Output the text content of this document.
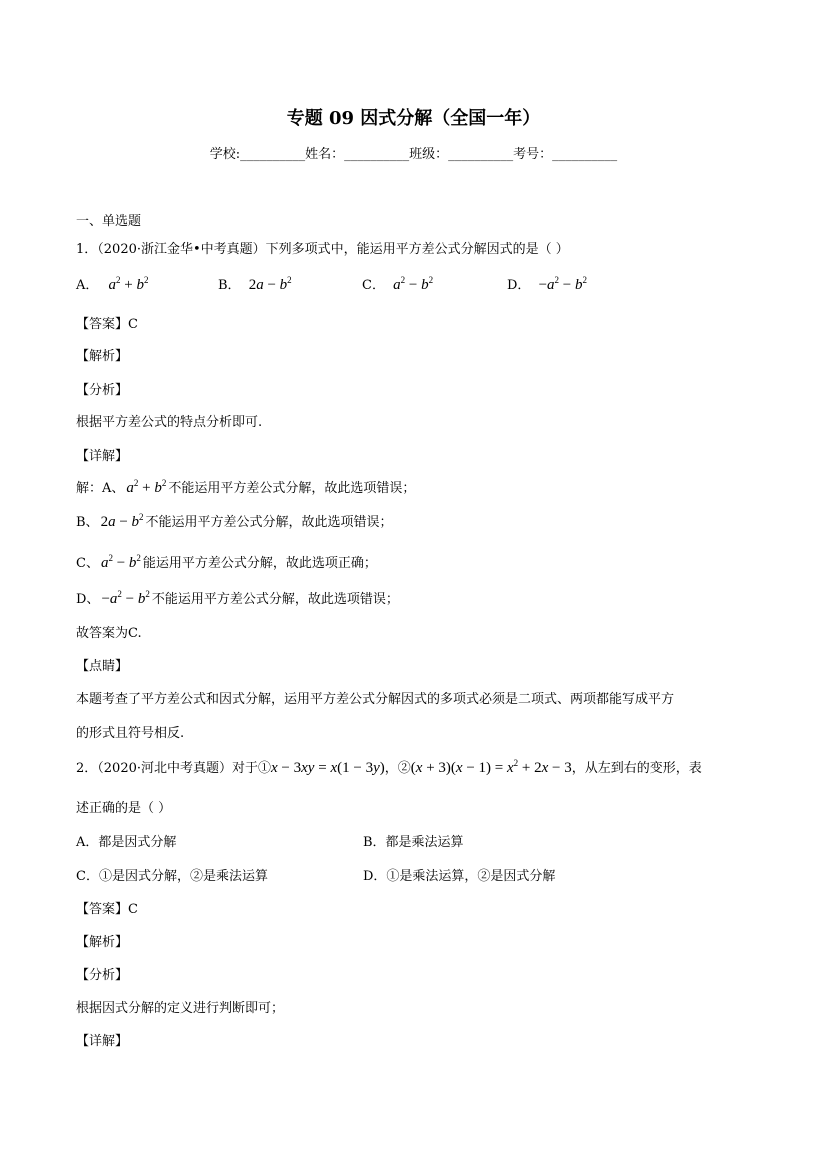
专题 09 因式分解（全国一年）
学校:__________姓名：__________班级：__________考号：__________
一、单选题
1．（2020·浙江金华•中考真题）下列多项式中，能运用平方差公式分解因式的是（ ）
A． $a^2 + b^2$	B． $2a - b^2$	C． $a^2 - b^2$	D． $-a^2 - b^2$
【答案】C
【解析】
【分析】
根据平方差公式的特点分析即可.
【详解】
解：A、 $a^2 + b^2$ 不能运用平方差公式分解，故此选项错误；
B、 $2a - b^2$ 不能运用平方差公式分解，故此选项错误；
C、 $a^2 - b^2$ 能运用平方差公式分解，故此选项正确；
D、 $-a^2 - b^2$ 不能运用平方差公式分解，故此选项错误；
故答案为C.
【点睛】
本题考查了平方差公式和因式分解，运用平方差公式分解因式的多项式必须是二项式、两项都能写成平方
的形式且符号相反.
2．（2020·河北中考真题）对于①x − 3xy = x(1 − 3y)，②(x + $3)(x - 1) = x^2 + 2x - 3$，从左到右的变形，表
述正确的是（ ）
A．都是因式分解	B．都是乘法运算
C．①是因式分解，②是乘法运算	D．①是乘法运算，②是因式分解
【答案】C
【解析】
【分析】
根据因式分解的定义进行判断即可；
【详解】
